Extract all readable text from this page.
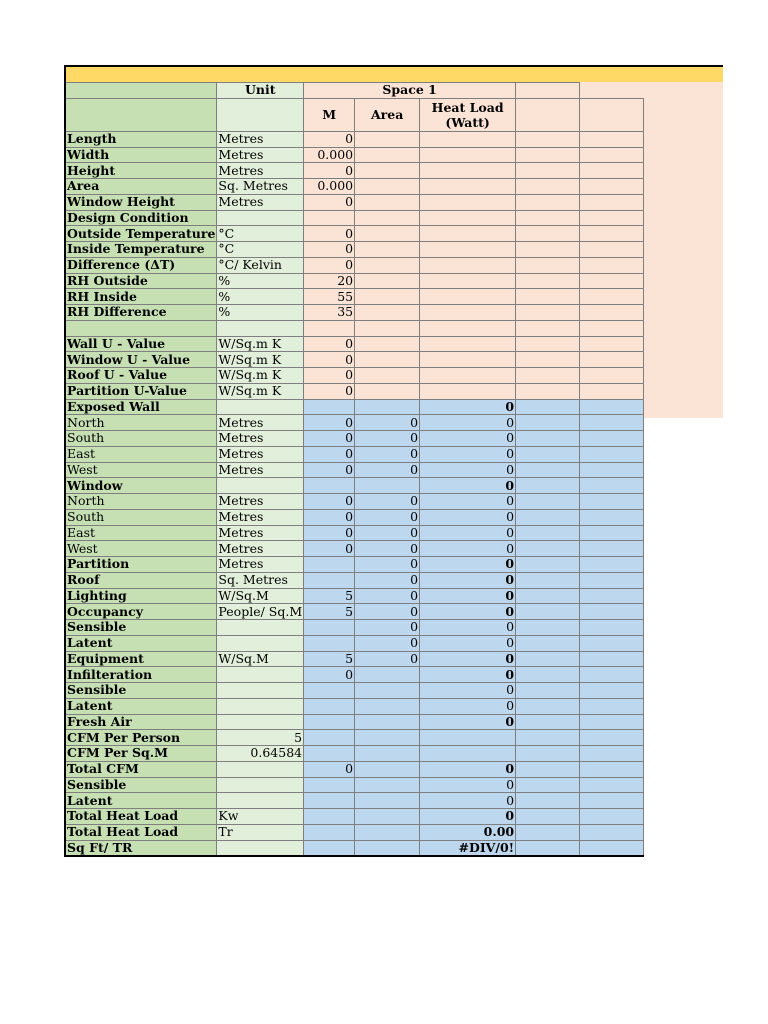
	Unit	Space 1				
		M	Area	Heat Load (Watt)		
Length	Metres	0				
Width	Metres	0.000				
Height	Metres	0				
Area	Sq. Metres	0.000				
Window Height	Metres	0				
Design Condition						
Outside Temperature	°C	0				
Inside Temperature	°C	0				
Difference (ΔT)	°C/ Kelvin	0				
RH Outside	%	20				
RH Inside	%	55				
RH Difference	%	35				

Wall U - Value	W/Sq.m K	0				
Window U - Value	W/Sq.m K	0				
Roof U - Value	W/Sq.m K	0				
Partition U-Value	W/Sq.m K	0				
Exposed Wall				0		
North	Metres	0	0	0		
South	Metres	0	0	0		
East	Metres	0	0	0		
West	Metres	0	0	0		
Window				0		
North	Metres	0	0	0		
South	Metres	0	0	0		
East	Metres	0	0	0		
West	Metres	0	0	0		
Partition	Metres		0	0		
Roof	Sq. Metres		0	0		
Lighting	W/Sq.M	5	0	0		
Occupancy	People/ Sq.M	5	0	0		
Sensible			0	0		
Latent			0	0		
Equipment	W/Sq.M	5	0	0		
Infilteration		0		0		
Sensible				0		
Latent				0		
Fresh Air				0		
CFM Per Person	5					
CFM Per Sq.M	0.64584					
Total CFM		0		0		
Sensible				0		
Latent				0		
Total Heat Load	Kw			0		
Total Heat Load	Tr			0.00		
Sq Ft/ TR				#DIV/0!		
